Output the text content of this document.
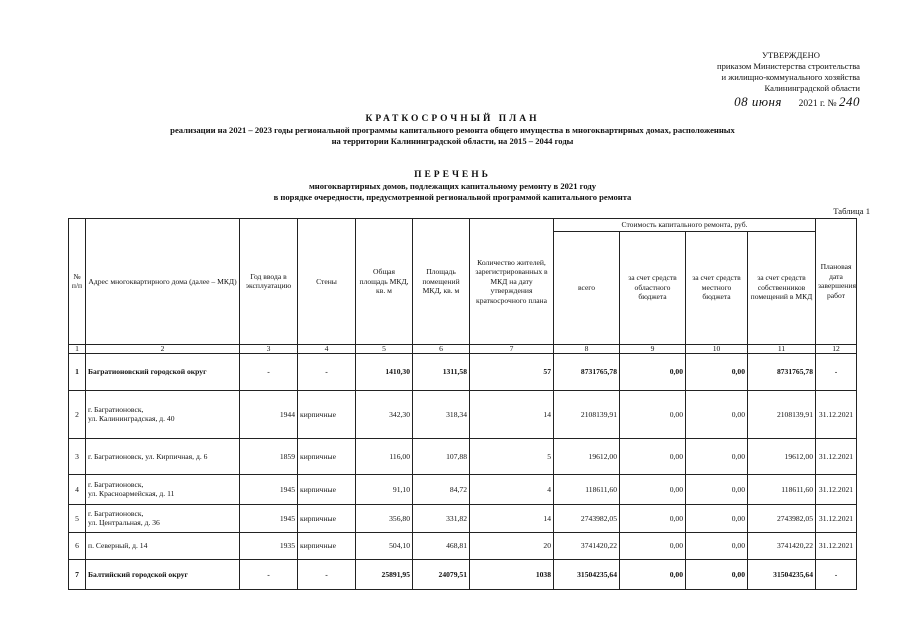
УТВЕРЖДЕНО
приказом Министерства строительства
и жилищно-коммунального хозяйства
Калининградской области
08 июня 2021 г. № 240
КРАТКОСРОЧНЫЙ ПЛАН
реализации на 2021 – 2023 годы региональной программы капитального ремонта общего имущества в многоквартирных домах, расположенных
на территории Калининградской области, на 2015 – 2044 годы
ПЕРЕЧЕНЬ
многоквартирных домов, подлежащих капитальному ремонту в 2021 году
в порядке очередности, предусмотренной региональной программой капитального ремонта
Таблица 1
№ п/п	Адрес многоквартирного дома (далее – МКД)	Год ввода в эксплуатацию	Стены	Общая площадь МКД, кв. м	Площадь помещений МКД, кв. м	Количество жителей, зарегистрированных в МКД на дату утверждения краткосрочного плана	Стоимость капитального ремонта, руб.				Плановая дата завершения работ
							всего	за счет средств областного бюджета	за счет средств местного бюджета	за счет средств собственников помещений в МКД	
1	2	3	4	5	6	7	8	9	10	11	12
1	Багратионовский городской округ	-	-	1410,30	1311,58	57	8731765,78	0,00	0,00	8731765,78	-
2	г. Багратионовск,
ул. Калининградская, д. 40	1944	кирпичные	342,30	318,34	14	2108139,91	0,00	0,00	2108139,91	31.12.2021
3	г. Багратионовск, ул. Кирпичная, д. 6	1859	кирпичные	116,00	107,88	5	19612,00	0,00	0,00	19612,00	31.12.2021
4	г. Багратионовск,
ул. Красноармейская, д. 11	1945	кирпичные	91,10	84,72	4	118611,60	0,00	0,00	118611,60	31.12.2021
5	г. Багратионовск,
ул. Центральная, д. 36	1945	кирпичные	356,80	331,82	14	2743982,05	0,00	0,00	2743982,05	31.12.2021
6	п. Северный, д. 14	1935	кирпичные	504,10	468,81	20	3741420,22	0,00	0,00	3741420,22	31.12.2021
7	Балтийский городской округ	-	-	25891,95	24079,51	1038	31504235,64	0,00	0,00	31504235,64	-
